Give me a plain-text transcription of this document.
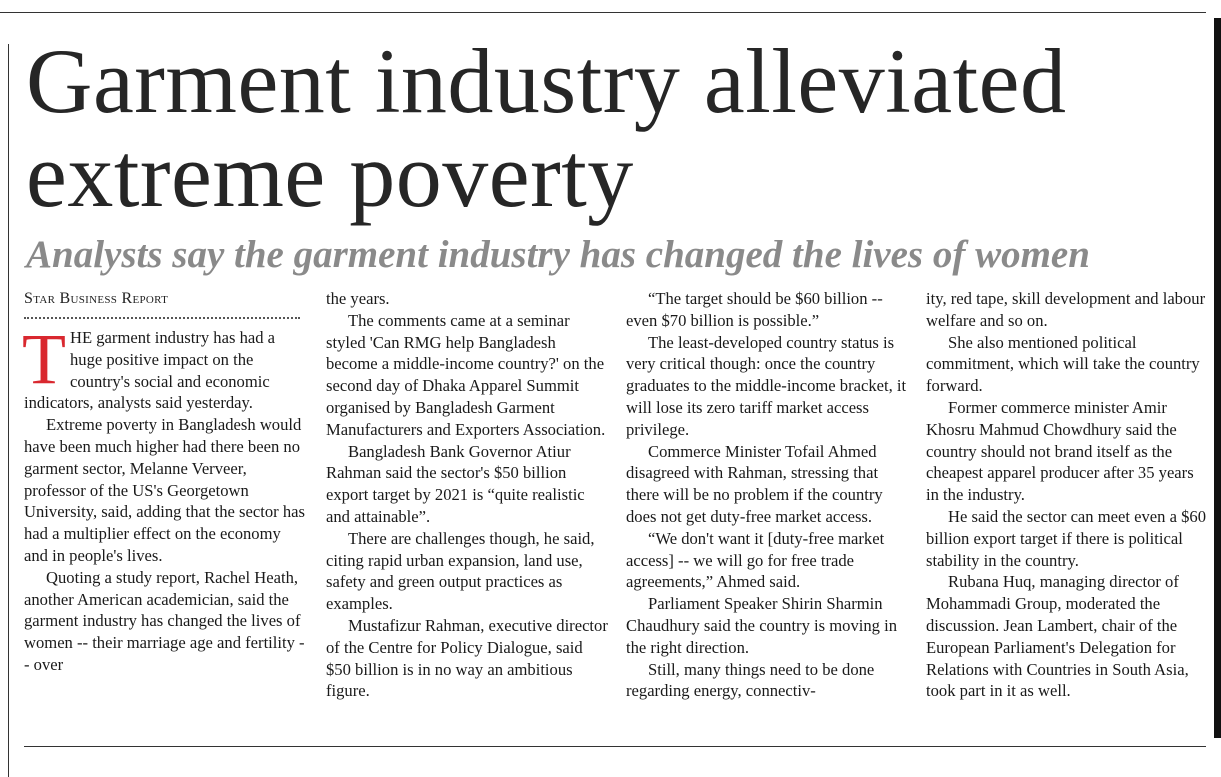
Garment industry alleviated extreme poverty
Analysts say the garment industry has changed the lives of women
Star Business Report

THE garment industry has had a huge positive impact on the country's social and economic indicators, analysts said yesterday.

Extreme poverty in Bangladesh would have been much higher had there been no garment sector, Melanne Verveer, professor of the US's Georgetown University, said, adding that the sector has had a multiplier effect on the economy and in people's lives.

Quoting a study report, Rachel Heath, another American academician, said the garment industry has changed the lives of women -- their marriage age and fertility -- over

the years.

The comments came at a seminar styled 'Can RMG help Bangladesh become a middle-income country?' on the second day of Dhaka Apparel Summit organised by Bangladesh Garment Manufacturers and Exporters Association.

Bangladesh Bank Governor Atiur Rahman said the sector's $50 billion export target by 2021 is “quite realistic and attainable”.

There are challenges though, he said, citing rapid urban expansion, land use, safety and green output practices as examples.

Mustafizur Rahman, executive director of the Centre for Policy Dialogue, said $50 billion is in no way an ambitious figure.

“The target should be $60 billion -- even $70 billion is possible.”

The least-developed country status is very critical though: once the country graduates to the middle-income bracket, it will lose its zero tariff market access privilege.

Commerce Minister Tofail Ahmed disagreed with Rahman, stressing that there will be no problem if the country does not get duty-free market access.

“We don't want it [duty-free market access] -- we will go for free trade agreements,” Ahmed said.

Parliament Speaker Shirin Sharmin Chaudhury said the country is moving in the right direction.

Still, many things need to be done regarding energy, connectiv-

ity, red tape, skill development and labour welfare and so on.

She also mentioned political commitment, which will take the country forward.

Former commerce minister Amir Khosru Mahmud Chowdhury said the country should not brand itself as the cheapest apparel producer after 35 years in the industry.

He said the sector can meet even a $60 billion export target if there is political stability in the country.

Rubana Huq, managing director of Mohammadi Group, moderated the discussion. Jean Lambert, chair of the European Parliament's Delegation for Relations with Countries in South Asia, took part in it as well.
